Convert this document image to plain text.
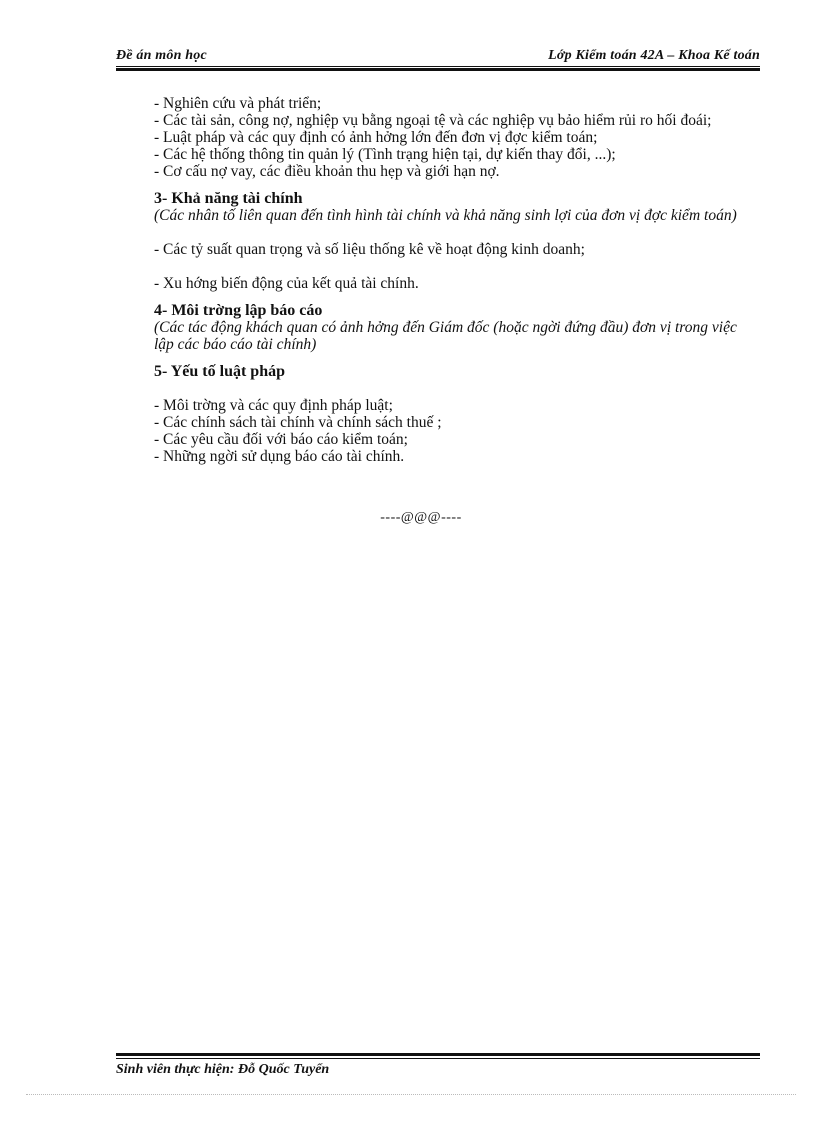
Đề án môn học	Lớp Kiểm toán 42A – Khoa Kế toán

- Nghiên cứu và phát triển;

- Các tài sản, công nợ, nghiệp vụ bằng ngoại tệ và các nghiệp vụ bảo hiểm rủi ro hối đoái;

- Luật pháp và các quy định có ảnh hởng lớn đến đơn vị đợc kiểm toán;

- Các hệ thống thông tin quản lý (Tình trạng hiện tại, dự kiến thay đổi, ...);

- Cơ cấu nợ vay, các điều khoản thu hẹp và giới hạn nợ.

3- Khả năng tài chính

(Các nhân tố liên quan đến tình hình tài chính và khả năng sinh lợi của đơn vị đợc kiểm toán)

- Các tỷ suất quan trọng và số liệu thống kê về hoạt động kinh doanh;

- Xu hớng biến động của kết quả tài chính.

4- Môi trờng lập báo cáo

(Các tác động khách quan có ảnh hởng đến Giám đốc (hoặc ngời đứng đầu) đơn vị trong việc lập các báo cáo tài chính)

5- Yếu tố luật pháp

- Môi trờng và các quy định pháp luật;

- Các chính sách tài chính và chính sách thuế ;

- Các yêu cầu đối với báo cáo kiểm toán;

- Những ngời sử dụng báo cáo tài chính.

----@@@----

Sinh viên thực hiện: Đỗ Quốc Tuyển
